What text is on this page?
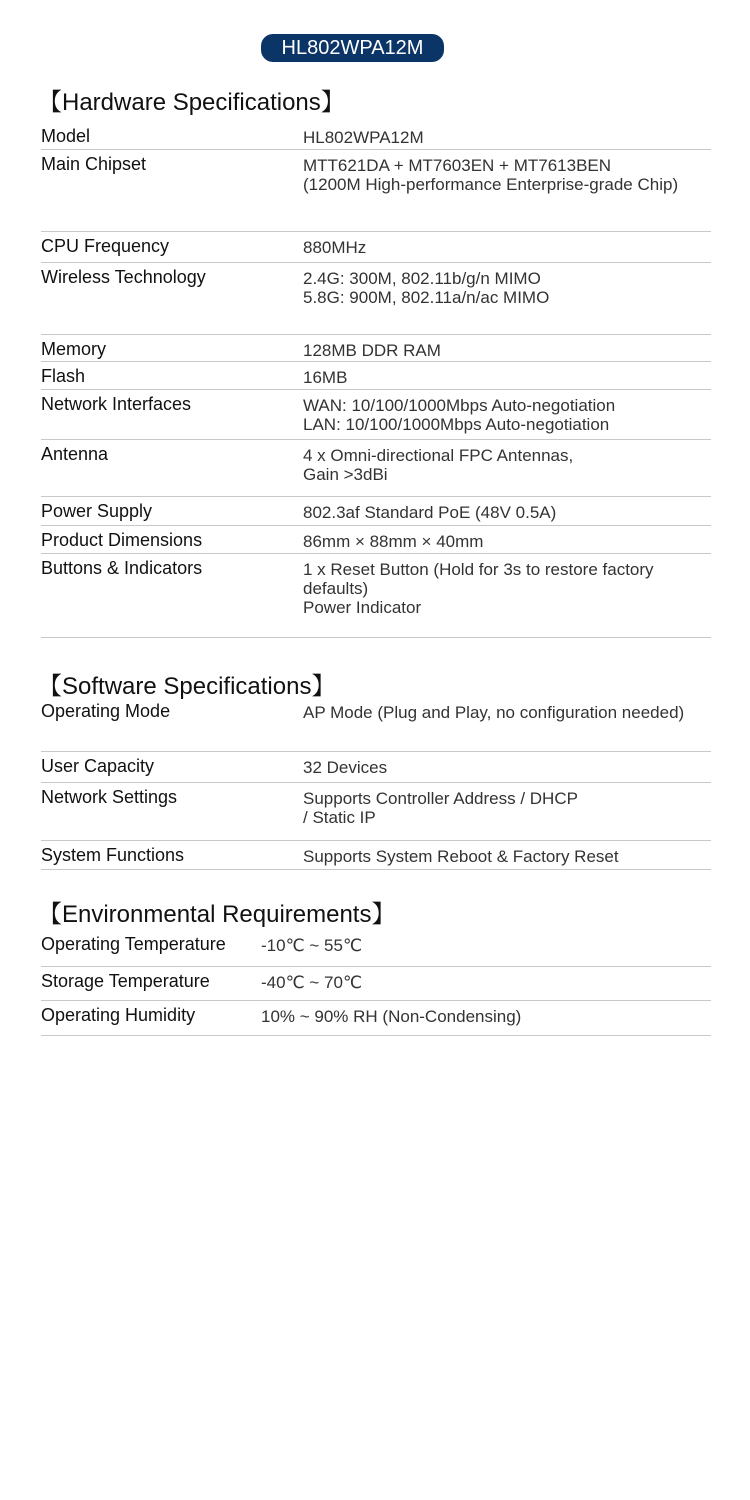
HL802WPA12M
【Hardware Specifications】
Model	HL802WPA12M
Main Chipset	MTT621DA + MT7603EN + MT7613BEN
(1200M High-performance Enterprise-grade Chip)
CPU Frequency	880MHz
Wireless Technology	2.4G: 300M, 802.11b/g/n MIMO
5.8G: 900M, 802.11a/n/ac MIMO
Memory	128MB DDR RAM
Flash	16MB
Network Interfaces	WAN: 10/100/1000Mbps Auto-negotiation
LAN: 10/100/1000Mbps Auto-negotiation
Antenna	4 x Omni-directional FPC Antennas,
Gain >3dBi
Power Supply	802.3af Standard PoE (48V 0.5A)
Product Dimensions	86mm × 88mm × 40mm
Buttons & Indicators	1 x Reset Button (Hold for 3s to restore factory defaults)
Power Indicator
【Software Specifications】
Operating Mode	AP Mode (Plug and Play, no configuration needed)
User Capacity	32 Devices
Network Settings	Supports Controller Address / DHCP
/ Static IP
System Functions	Supports System Reboot & Factory Reset
【Environmental Requirements】
Operating Temperature	-10℃ ~ 55℃
Storage Temperature	-40℃ ~ 70℃
Operating Humidity	10% ~ 90% RH (Non-Condensing)
